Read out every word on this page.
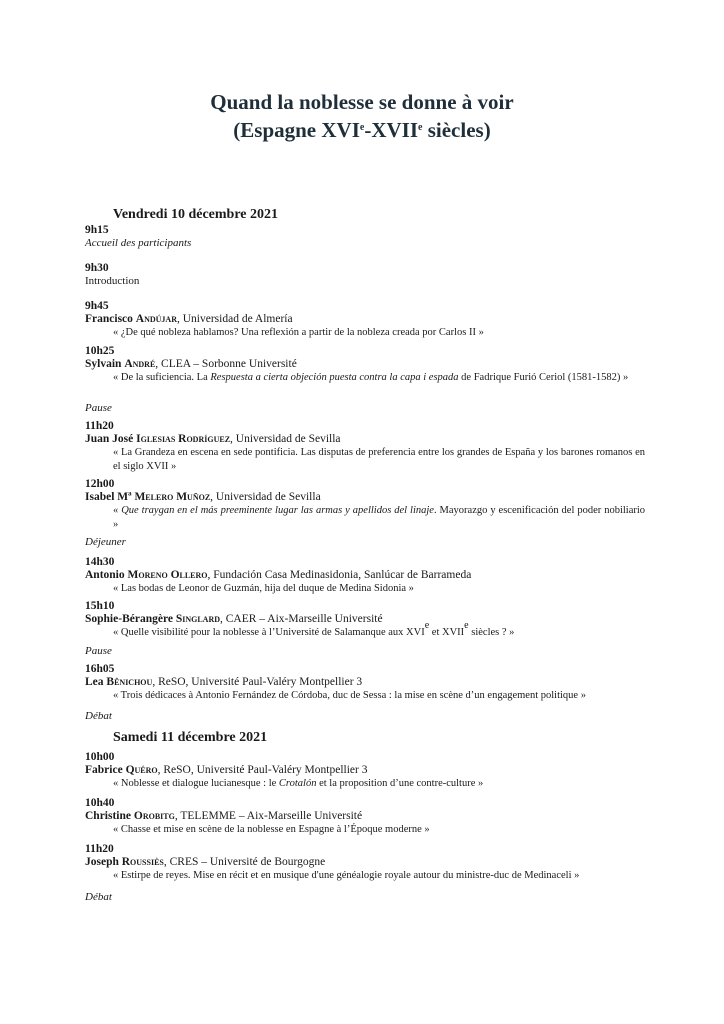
Quand la noblesse se donne à voir
(Espagne XVIe-XVIIe siècles)
Vendredi 10 décembre 2021
9h15
Accueil des participants
9h30
Introduction
9h45
Francisco Andújar, Universidad de Almería
« ¿De qué nobleza hablamos? Una reflexión a partir de la nobleza creada por Carlos II »
10h25
Sylvain André, CLEA – Sorbonne Université
« De la suficiencia. La Respuesta a cierta objeción puesta contra la capa i espada de Fadrique Furió Ceriol (1581-1582) »
Pause
11h20
Juan José Iglesias Rodríguez, Universidad de Sevilla
« La Grandeza en escena en sede pontificia. Las disputas de preferencia entre los grandes de España y los barones romanos en el siglo XVII »
12h00
Isabel Mª Melero Muñoz, Universidad de Sevilla
« Que traygan en el más preeminente lugar las armas y apellidos del linaje. Mayorazgo y escenificación del poder nobiliario »
Déjeuner
14h30
Antonio Moreno Ollero, Fundación Casa Medinasidonia, Sanlúcar de Barrameda
« Las bodas de Leonor de Guzmán, hija del duque de Medina Sidonia »
15h10
Sophie-Bérangère Singlard, CAER – Aix-Marseille Université
« Quelle visibilité pour la noblesse à l’Université de Salamanque aux XVIe et XVIIe siècles ? »
Pause
16h05
Lea Bênichou, ReSO, Université Paul-Valéry Montpellier 3
« Trois dédicaces à Antonio Fernández de Córdoba, duc de Sessa : la mise en scène d’un engagement politique »
Débat
Samedi 11 décembre 2021
10h00
Fabrice Quéro, ReSO, Université Paul-Valéry Montpellier 3
« Noblesse et dialogue lucianesque : le Crotalón et la proposition d’une contre-culture »
10h40
Christine Orobitg, TELEMME – Aix-Marseille Université
« Chasse et mise en scène de la noblesse en Espagne à l’Époque moderne »
11h20
Joseph Roussiès, CRES – Université de Bourgogne
« Estirpe de reyes. Mise en récit et en musique d'une généalogie royale autour du ministre-duc de Medinaceli »
Débat
